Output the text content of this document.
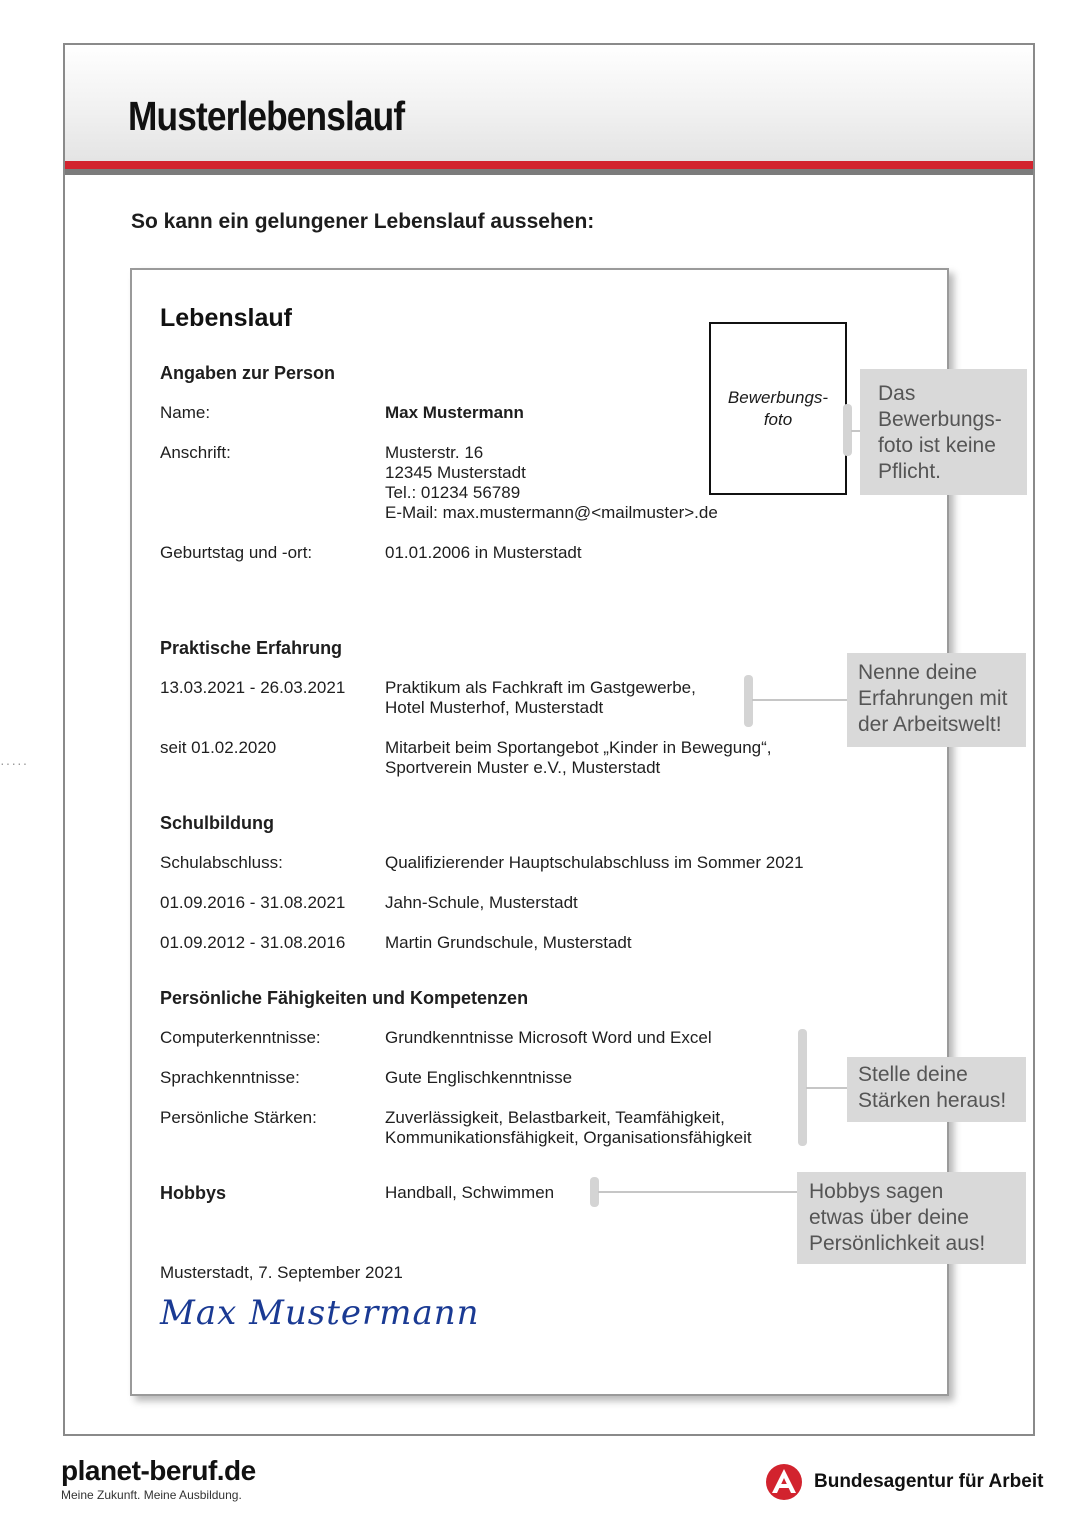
Musterlebenslauf
So kann ein gelungener Lebenslauf aussehen:
·····
Lebenslauf
Bewerbungs-
foto
Angaben zur Person
Name:	Max Mustermann
Anschrift:	Musterstr. 16
12345 Musterstadt
Tel.: 01234 56789
E-Mail: max.mustermann@<mailmuster>.de
Geburtstag und -ort:	01.01.2006 in Musterstadt
Praktische Erfahrung
13.03.2021 - 26.03.2021 Praktikum als Fachkraft im Gastgewerbe,
Hotel Musterhof, Musterstadt
seit 01.02.2020	Mitarbeit beim Sportangebot „Kinder in Bewegung“,
Sportverein Muster e.V., Musterstadt
Schulbildung
Schulabschluss:	Qualifizierender Hauptschulabschluss im Sommer 2021
01.09.2016 - 31.08.2021 Jahn-Schule, Musterstadt
01.09.2012 - 31.08.2016 Martin Grundschule, Musterstadt
Persönliche Fähigkeiten und Kompetenzen
Computerkenntnisse:	Grundkenntnisse Microsoft Word und Excel
Sprachkenntnisse:	Gute Englischkenntnisse
Persönliche Stärken:	Zuverlässigkeit, Belastbarkeit, Teamfähigkeit,
Kommunikationsfähigkeit, Organisationsfähigkeit
Hobbys	Handball, Schwimmen
Musterstadt, 7. September 2021
Max Mustermann
Das
Bewerbungs-
foto ist keine
Pflicht.
Nenne deine
Erfahrungen mit
der Arbeitswelt!
Stelle deine
Stärken heraus!
Hobbys sagen
etwas über deine
Persönlichkeit aus!
planet-beruf.de
Meine Zukunft. Meine Ausbildung.
Bundesagentur für Arbeit
